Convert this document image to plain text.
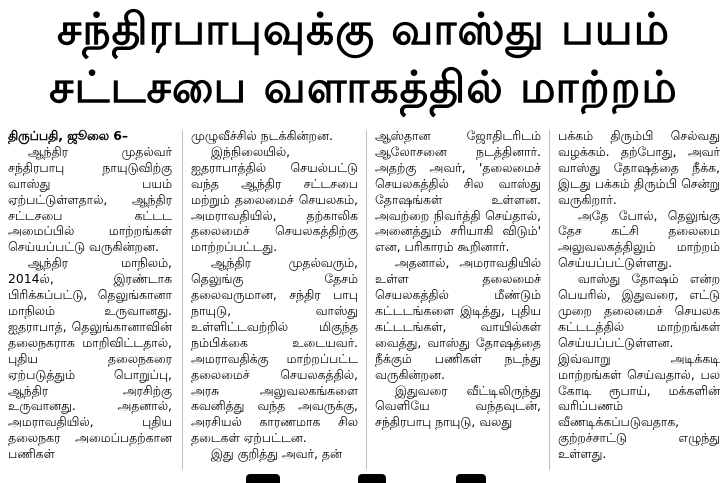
சந்திரபாபுவுக்கு வாஸ்து பயம்
சட்டசபை வளாகத்தில் மாற்றம்

திருப்பதி, ஜூலை 6–

ஆந்திர முதல்வர் சந்திரபாபு நாயுடுவிற்கு வாஸ்து பயம் ஏற்பட்டுள்ளதால், ஆந்திர சட்டசபை கட்டட அமைப்பில் மாற்றங்கள் செய்யப்பட்டு வருகின்றன.

ஆந்திர மாநிலம், 2014ல், இரண்டாக பிரிக்கப்பட்டு, தெலுங்கானா மாநிலம் உருவானது. ஐதராபாத், தெலுங்கானாவின் தலைநகராக மாறிவிட்டதால், புதிய தலைநகரை ஏற்படுத்தும் பொறுப்பு, ஆந்திர அரசிற்கு உருவானது. அதனால், அமராவதியில், புதிய தலைநகர அமைப்பதற்கான பணிகள்

முழுவீச்சில் நடக்கின்றன.

இந்நிலையில், ஐதராபாத்தில் செயல்பட்டு வந்த ஆந்திர சட்டசபை மற்றும் தலைமைச் செயலகம், அமராவதியில், தற்காலிக தலைமைச் செயலகத்திற்கு மாற்றப்பட்டது.

ஆந்திர முதல்வரும், தெலுங்கு தேசம் தலைவருமான, சந்திர பாபு நாயுடு, வாஸ்து உள்ளிட்டவற்றில் மிகுந்த நம்பிக்கை உடையவர். அமராவதிக்கு மாற்றப்பட்ட தலைமைச் செயலகத்தில், அரசு அலுவலகங்களை கவனித்து வந்த அவருக்கு, அரசியல் காரணமாக சில தடைகள் ஏற்பட்டன.

இது குறித்து அவர், தன்

ஆஸ்தான ஜோதிடரிடம் ஆலோசனை நடத்தினார். அதற்கு அவர், 'தலைமைச் செயலகத்தில் சில வாஸ்து தோஷங்கள் உள்ளன. அவற்றை நிவர்த்தி செய்தால், அனைத்தும் சரியாகி விடும்' என, பரிகாரம் கூறினார்.

அதனால், அமராவதியில் உள்ள தலைமைச் செயலகத்தில் மீண்டும் கட்டடங்களை இடித்து, புதிய கட்டடங்கள், வாயில்கள் வைத்து, வாஸ்து தோஷத்தை நீக்கும் பணிகள் நடந்து வருகின்றன.

இதுவரை வீட்டிலிருந்து வெளியே வந்தவுடன், சந்திரபாபு நாயுடு, வலது

பக்கம் திரும்பி செல்வது வழக்கம். தற்போது, அவர் வாஸ்து தோஷத்தை நீக்க, இடது பக்கம் திரும்பி சென்று வருகிறார்.

அதே போல், தெலுங்கு தேச கட்சி தலைமை அலுவலகத்திலும் மாற்றம் செய்யப்பட்டுள்ளது.

வாஸ்து தோஷம் என்ற பெயரில், இதுவரை, எட்டு முறை தலைமைச் செயலக கட்டடத்தில் மாற்றங்கள் செய்யப்பட்டுள்ளன. இவ்வாறு அடிக்கடி மாற்றங்கள் செய்வதால், பல கோடி ரூபாய், மக்களின் வரிப்பணம் வீணடிக்கப்படுவதாக, குற்றச்சாட்டு எழுந்து உள்ளது.
